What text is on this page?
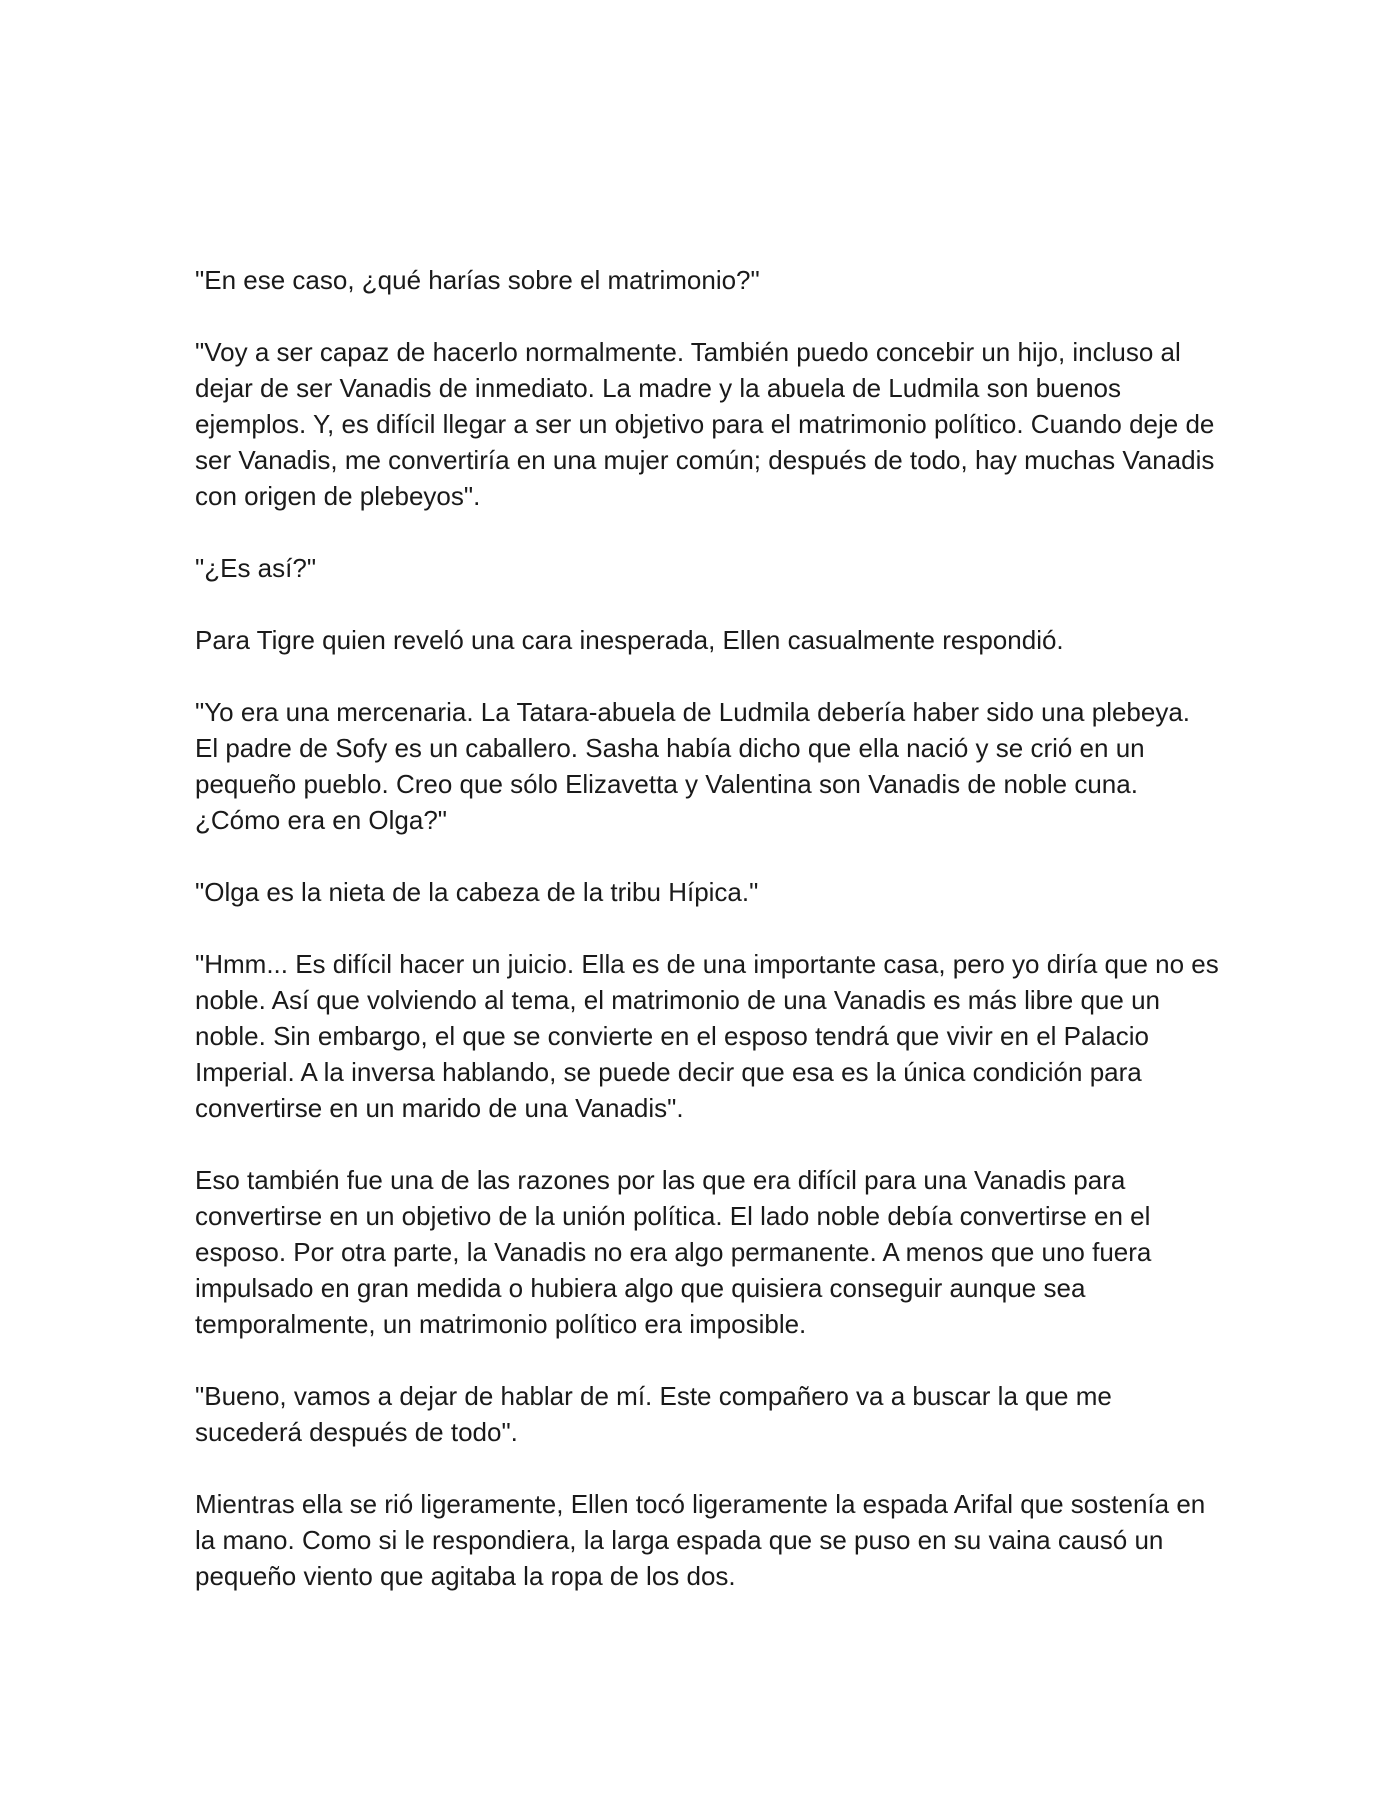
"En ese caso, ¿qué harías sobre el matrimonio?"

"Voy a ser capaz de hacerlo normalmente. También puedo concebir un hijo, incluso al dejar de ser Vanadis de inmediato. La madre y la abuela de Ludmila son buenos ejemplos. Y, es difícil llegar a ser un objetivo para el matrimonio político. Cuando deje de ser Vanadis, me convertiría en una mujer común; después de todo, hay muchas Vanadis con origen de plebeyos".

"¿Es así?"

Para Tigre quien reveló una cara inesperada, Ellen casualmente respondió.

"Yo era una mercenaria. La Tatara-abuela de Ludmila debería haber sido una plebeya. El padre de Sofy es un caballero. Sasha había dicho que ella nació y se crió en un pequeño pueblo. Creo que sólo Elizavetta y Valentina son Vanadis de noble cuna. ¿Cómo era en Olga?"

"Olga es la nieta de la cabeza de la tribu Hípica."

"Hmm... Es difícil hacer un juicio. Ella es de una importante casa, pero yo diría que no es noble. Así que volviendo al tema, el matrimonio de una Vanadis es más libre que un noble. Sin embargo, el que se convierte en el esposo tendrá que vivir en el Palacio Imperial. A la inversa hablando, se puede decir que esa es la única condición para convertirse en un marido de una Vanadis".

Eso también fue una de las razones por las que era difícil para una Vanadis para convertirse en un objetivo de la unión política. El lado noble debía convertirse en el esposo. Por otra parte, la Vanadis no era algo permanente. A menos que uno fuera impulsado en gran medida o hubiera algo que quisiera conseguir aunque sea temporalmente, un matrimonio político era imposible.

"Bueno, vamos a dejar de hablar de mí. Este compañero va a buscar la que me sucederá después de todo".

Mientras ella se rió ligeramente, Ellen tocó ligeramente la espada Arifal que sostenía en la mano. Como si le respondiera, la larga espada que se puso en su vaina causó un pequeño viento que agitaba la ropa de los dos.
